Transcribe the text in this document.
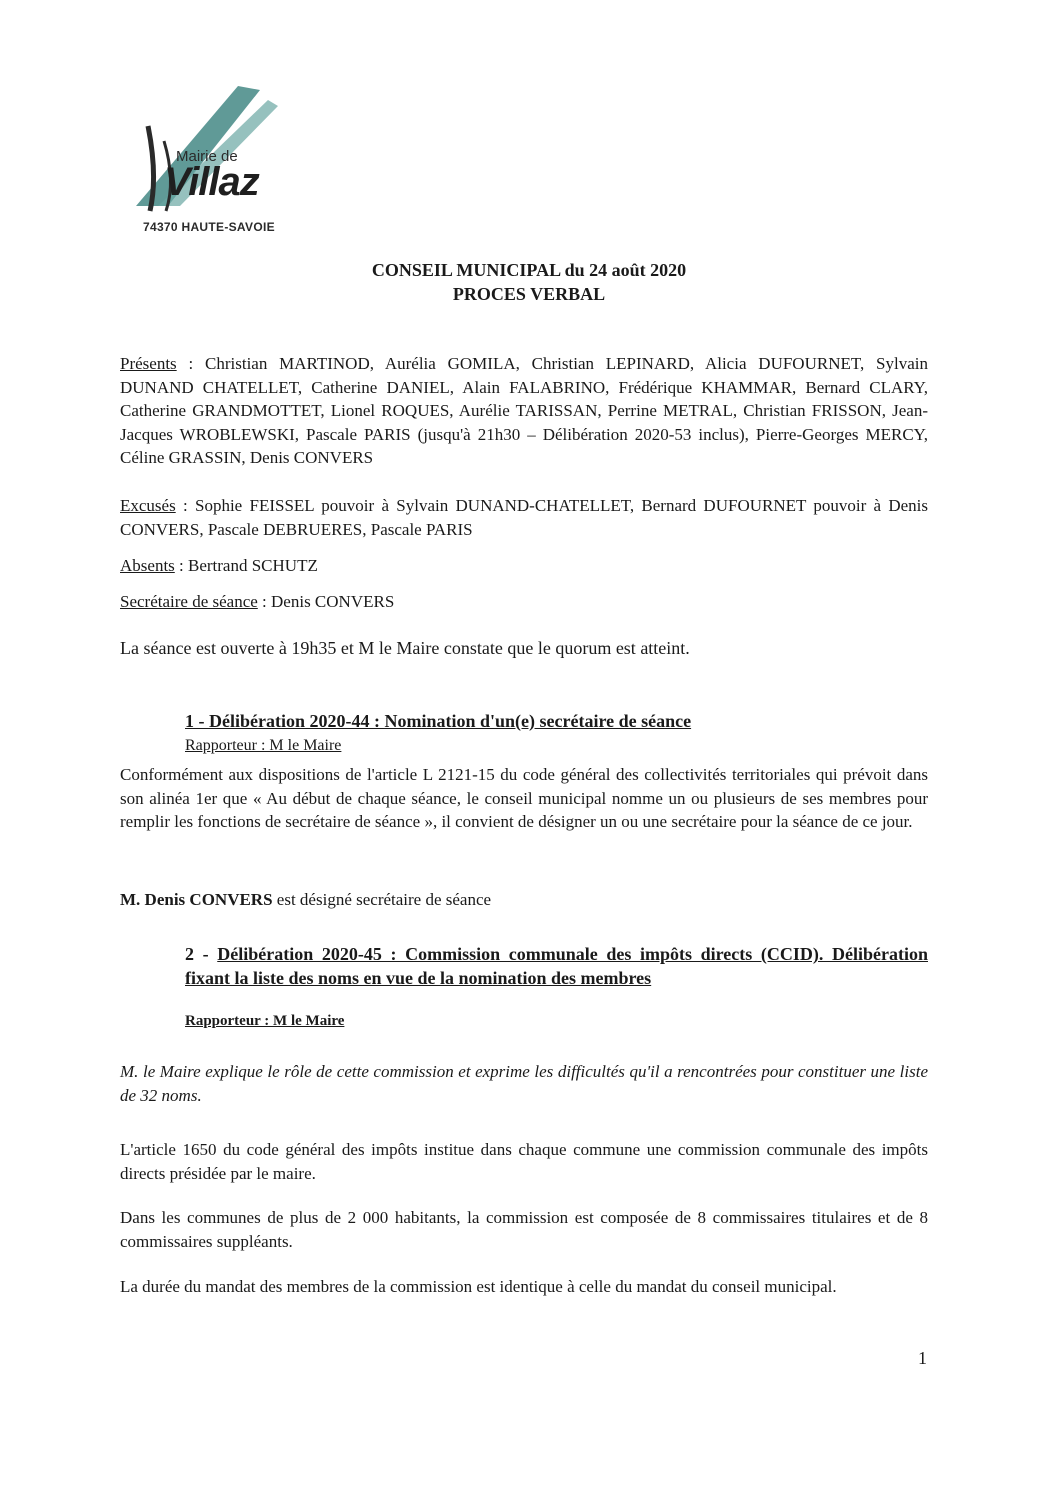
Mairie de
Villaz
74370 HAUTE-SAVOIE
CONSEIL MUNICIPAL du 24 août 2020
PROCES VERBAL
Présents : Christian MARTINOD, Aurélia GOMILA, Christian LEPINARD, Alicia DUFOURNET, Sylvain DUNAND CHATELLET, Catherine DANIEL, Alain FALABRINO, Frédérique KHAMMAR, Bernard CLARY, Catherine GRANDMOTTET, Lionel ROQUES, Aurélie TARISSAN, Perrine METRAL, Christian FRISSON, Jean-Jacques WROBLEWSKI, Pascale PARIS (jusqu'à 21h30 – Délibération 2020-53 inclus), Pierre-Georges MERCY, Céline GRASSIN, Denis CONVERS
Excusés : Sophie FEISSEL pouvoir à Sylvain DUNAND-CHATELLET, Bernard DUFOURNET pouvoir à Denis CONVERS, Pascale DEBRUERES, Pascale PARIS
Absents : Bertrand SCHUTZ
Secrétaire de séance : Denis CONVERS
La séance est ouverte à 19h35 et M le Maire constate que le quorum est atteint.
1 - Délibération 2020-44 : Nomination d'un(e) secrétaire de séance
Rapporteur : M le Maire
Conformément aux dispositions de l'article L 2121-15 du code général des collectivités territoriales qui prévoit dans son alinéa 1er que « Au début de chaque séance, le conseil municipal nomme un ou plusieurs de ses membres pour remplir les fonctions de secrétaire de séance », il convient de désigner un ou une secrétaire pour la séance de ce jour.
M. Denis CONVERS est désigné secrétaire de séance
2 - Délibération 2020-45 : Commission communale des impôts directs (CCID). Délibération fixant la liste des noms en vue de la nomination des membres
Rapporteur : M le Maire
M. le Maire explique le rôle de cette commission et exprime les difficultés qu'il a rencontrées pour constituer une liste de 32 noms.
L'article 1650 du code général des impôts institue dans chaque commune une commission communale des impôts directs présidée par le maire.
Dans les communes de plus de 2 000 habitants, la commission est composée de 8 commissaires titulaires et de 8 commissaires suppléants.
La durée du mandat des membres de la commission est identique à celle du mandat du conseil municipal.
1
